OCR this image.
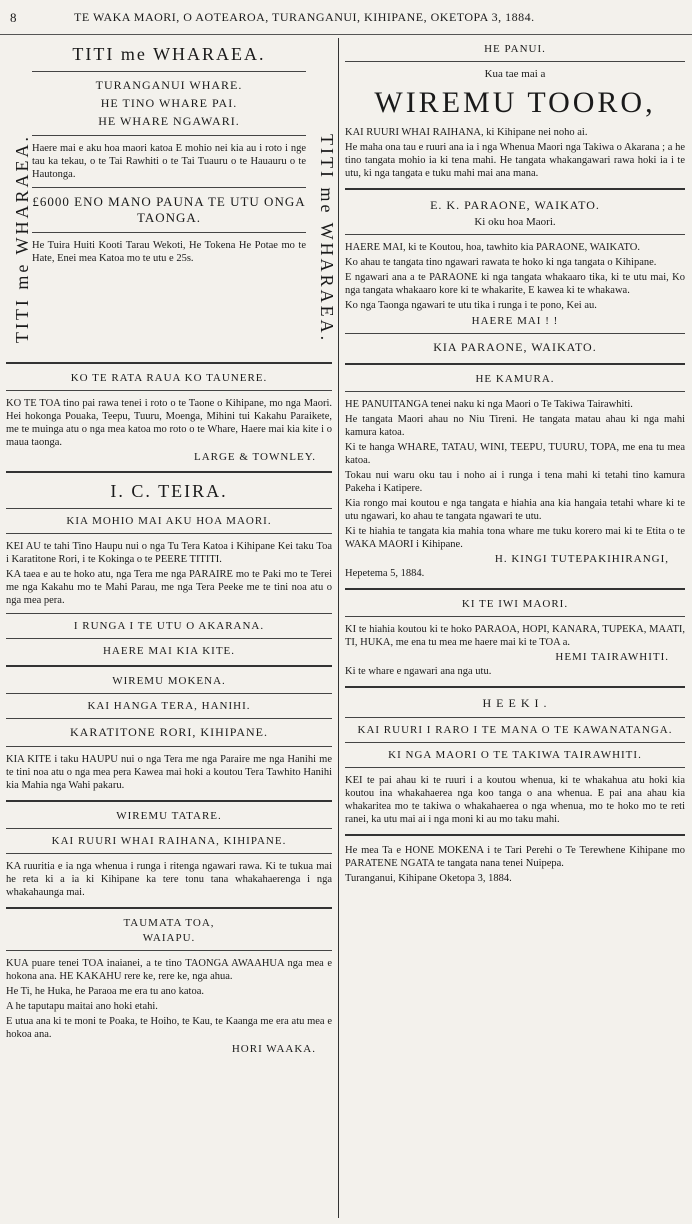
8	TE WAKA MAORI, O AOTEAROA, TURANGANUI, KIHIPANE, OKETOPA 3, 1884.
TITI me WHARAEA.	TITI me WHARAEA.
TITI me WHARAEA.
TURANGANUI WHARE.
HE TINO WHARE PAI.
HE WHARE NGAWARI.

Haere mai e aku hoa maori katoa E mohio nei kia au i roto i nge tau ka tekau, o te Tai Rawhiti o te Tai Tuauru o te Hauauru o te Hautonga.

£6000 ENO MANO PAUNA TE UTU ONGA TAONGA.

He Tuira Huiti Kooti Tarau Wekoti, He Tokena He Potae mo te Hate, Enei mea Katoa mo te utu e 25s.

KO TE RATA RAUA KO TAUNERE.

KO TE TOA tino pai rawa tenei i roto o te Taone o Kihipane, mo nga Maori. Hei hokonga Pouaka, Teepu, Tuuru, Moenga, Mihini tui Kakahu Paraikete, me te muinga atu o nga mea katoa mo roto o te Whare, Haere mai kia kite i o maua taonga.

LARGE & TOWNLEY.
I. C. TEIRA.
KIA MOHIO MAI AKU HOA MAORI.

KEI AU te tahi Tino Haupu nui o nga Tu Tera Katoa i Kihipane Kei taku Toa i Karatitone Rori, i te Kokinga o te PEERE TITITI.

KA taea e au te hoko atu, nga Tera me nga PARAIRE mo te Paki mo te Terei me nga Kakahu mo te Mahi Parau, me nga Tera Peeke me te tini noa atu o nga mea pera.

I RUNGA I TE UTU O AKARANA.
HAERE MAI KIA KITE.
WIREMU MOKENA.
KAI HANGA TERA, HANIHI.
KARATITONE RORI, KIHIPANE.

KIA KITE i taku HAUPU nui o nga Tera me nga Paraire me nga Hanihi me te tini noa atu o nga mea pera Kawea mai hoki a koutou Tera Tawhito Hanihi kia Mahia nga Wahi pakaru.

WIREMU TATARE.
KAI RUURI WHAI RAIHANA, KIHIPANE.

KA ruuritia e ia nga whenua i runga i ritenga ngawari rawa. Ki te tukua mai he reta ki a ia ki Kihipane ka tere tonu tana whakahaerenga i nga whakahaunga mai.

TAUMATA TOA,
WAIAPU.

KUA puare tenei TOA inaianei, a te tino TAONGA AWAAHUA nga mea e hokona ana. HE KAKAHU rere ke, rere ke, nga ahua.

He Ti, he Huka, he Paraoa me era tu ano katoa.

A he taputapu maitai ano hoki etahi.

E utua ana ki te moni te Poaka, te Hoiho, te Kau, te Kaanga me era atu mea e hokoa ana.

HORI WAAKA.
HE PANUI.
Kua tae mai a
WIREMU TOORO,

KAI RUURI WHAI RAIHANA, ki Kihipane nei noho ai.

He maha ona tau e ruuri ana ia i nga Whenua Maori nga Takiwa o Akarana ; a he tino tangata mohio ia ki tena mahi. He tangata whakangawari rawa hoki ia i te utu, ki nga tangata e tuku mahi mai ana mana.

E. K. PARAONE, WAIKATO.
Ki oku hoa Maori.

HAERE MAI, ki te Koutou, hoa, tawhito kia PARAONE, WAIKATO.

Ko ahau te tangata tino ngawari rawata te hoko ki nga tangata o Kihipane.

E ngawari ana a te PARAONE ki nga tangata whakaaro tika, ki te utu mai, Ko nga tangata whakaaro kore ki te whakarite, E kawea ki te whakawa.

Ko nga Taonga ngawari te utu tika i runga i te pono, Kei au.

HAERE MAI ! !
KIA PARAONE, WAIKATO.
HE KAMURA.

HE PANUITANGA tenei naku ki nga Maori o Te Takiwa Tairawhiti.

He tangata Maori ahau no Niu Tireni. He tangata matau ahau ki nga mahi kamura katoa.

Ki te hanga WHARE, TATAU, WINI, TEEPU, TUURU, TOPA, me ena tu mea katoa.

Tokau nui waru oku tau i noho ai i runga i tena mahi ki tetahi tino kamura Pakeha i Katipere.

Kia rongo mai koutou e nga tangata e hiahia ana kia hangaia tetahi whare ki te utu ngawari, ko ahau te tangata ngawari te utu.

Ki te hiahia te tangata kia mahia tona whare me tuku korero mai ki te Etita o te WAKA MAORI i Kihipane.

H. KINGI TUTEPAKIHIRANGI,

Hepetema 5, 1884.

KI TE IWI MAORI.

KI te hiahia koutou ki te hoko PARAOA, HOPI, KANARA, TUPEKA, MAATI, TI, HUKA, me ena tu mea me haere mai ki te TOA a.

HEMI TAIRAWHITI.

Ki te whare e ngawari ana nga utu.

H E E K I .
KAI RUURI I RARO I TE MANA O TE KAWANATANGA.
KI NGA MAORI O TE TAKIWA TAIRAWHITI.

KEI te pai ahau ki te ruuri i a koutou whenua, ki te whakahua atu hoki kia koutou ina whakahaerea nga koo tanga o ana whenua. E pai ana ahau kia whakaritea mo te takiwa o whakahaerea o nga whenua, mo te hoko mo te reti ranei, ka utu mai ai i nga moni ki au mo taku mahi.

He mea Ta e HONE MOKENA i te Tari Perehi o Te Terewhene Kihipane mo PARATENE NGATA te tangata nana tenei Nuipepa.

Turanganui, Kihipane Oketopa 3, 1884.
